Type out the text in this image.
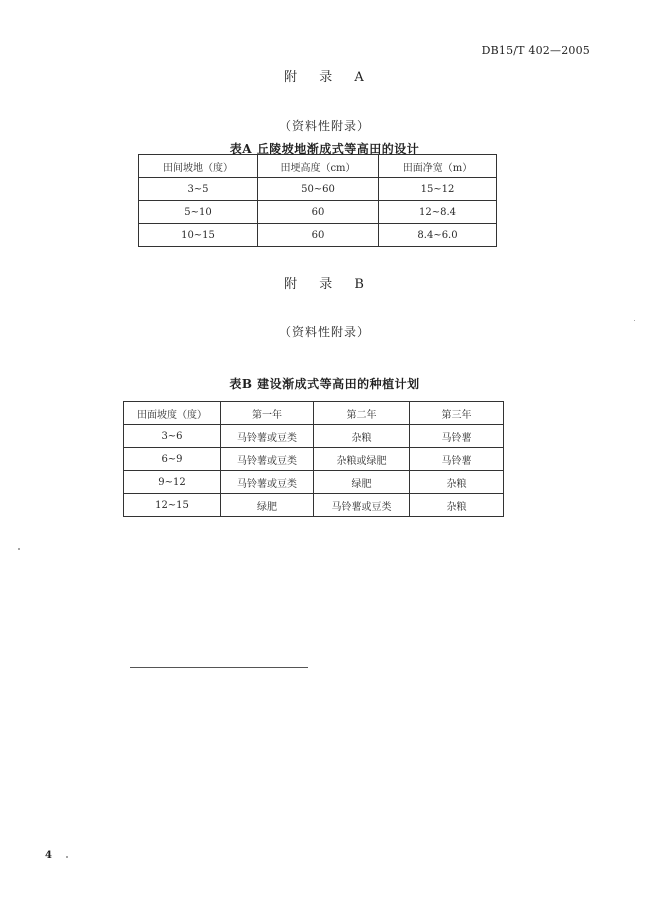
DB15/T 402—2005
附 录 A
（资料性附录）
表A 丘陵坡地渐成式等高田的设计
田间坡地（度）	田埂高度（cm）	田面净宽（m）
3~5	50~60	15~12
5~10	60	12~8.4
10~15	60	8.4~6.0
附 录 B
（资料性附录）
表B 建设渐成式等高田的种植计划
田面坡度（度）	第一年	第二年	第三年
3~6	马铃薯或豆类	杂粮	马铃薯
6~9	马铃薯或豆类	杂粮或绿肥	马铃薯
9~12	马铃薯或豆类	绿肥	杂粮
12~15	绿肥	马铃薯或豆类	杂粮
4
